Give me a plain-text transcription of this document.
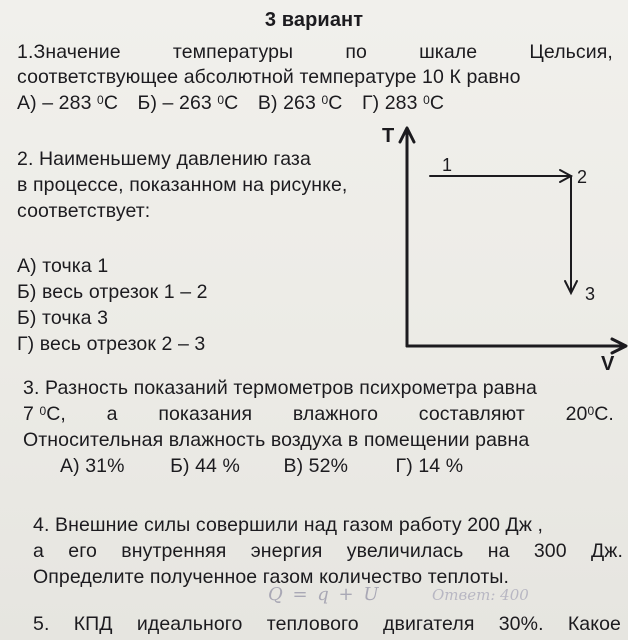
3 вариант
1.Значение	температуры	по	шкале	Цельсия,
соответствующее абсолютной температуре 10 К равно
А) – 283 $^0$С Б) – 263 $^0$С В) 263 $^0$С Г) 283 $^0$С
2. Наименьшему давлению газа
в процессе, показанном на рисунке,
соответствует:
А) точка 1
Б) весь отрезок 1 – 2
Б) точка 3
Г) весь отрезок 2 – 3
Т
V
1
2
3
3. Разность показаний термометров психрометра равна
7 $^0$С, а показания влажного составляют $20^0С$.
Относительная влажность воздуха в помещении равна
А) 31% Б) 44 % В) 52% Г) 14 %
4. Внешние силы совершили над газом работу 200 Дж ,
а его внутренняя энергия увеличилась на 300 Дж.
Определите полученное газом количество теплоты.
Q = q + U	Ответ: 400
5. КПД идеального теплового двигателя 30%. Какое
